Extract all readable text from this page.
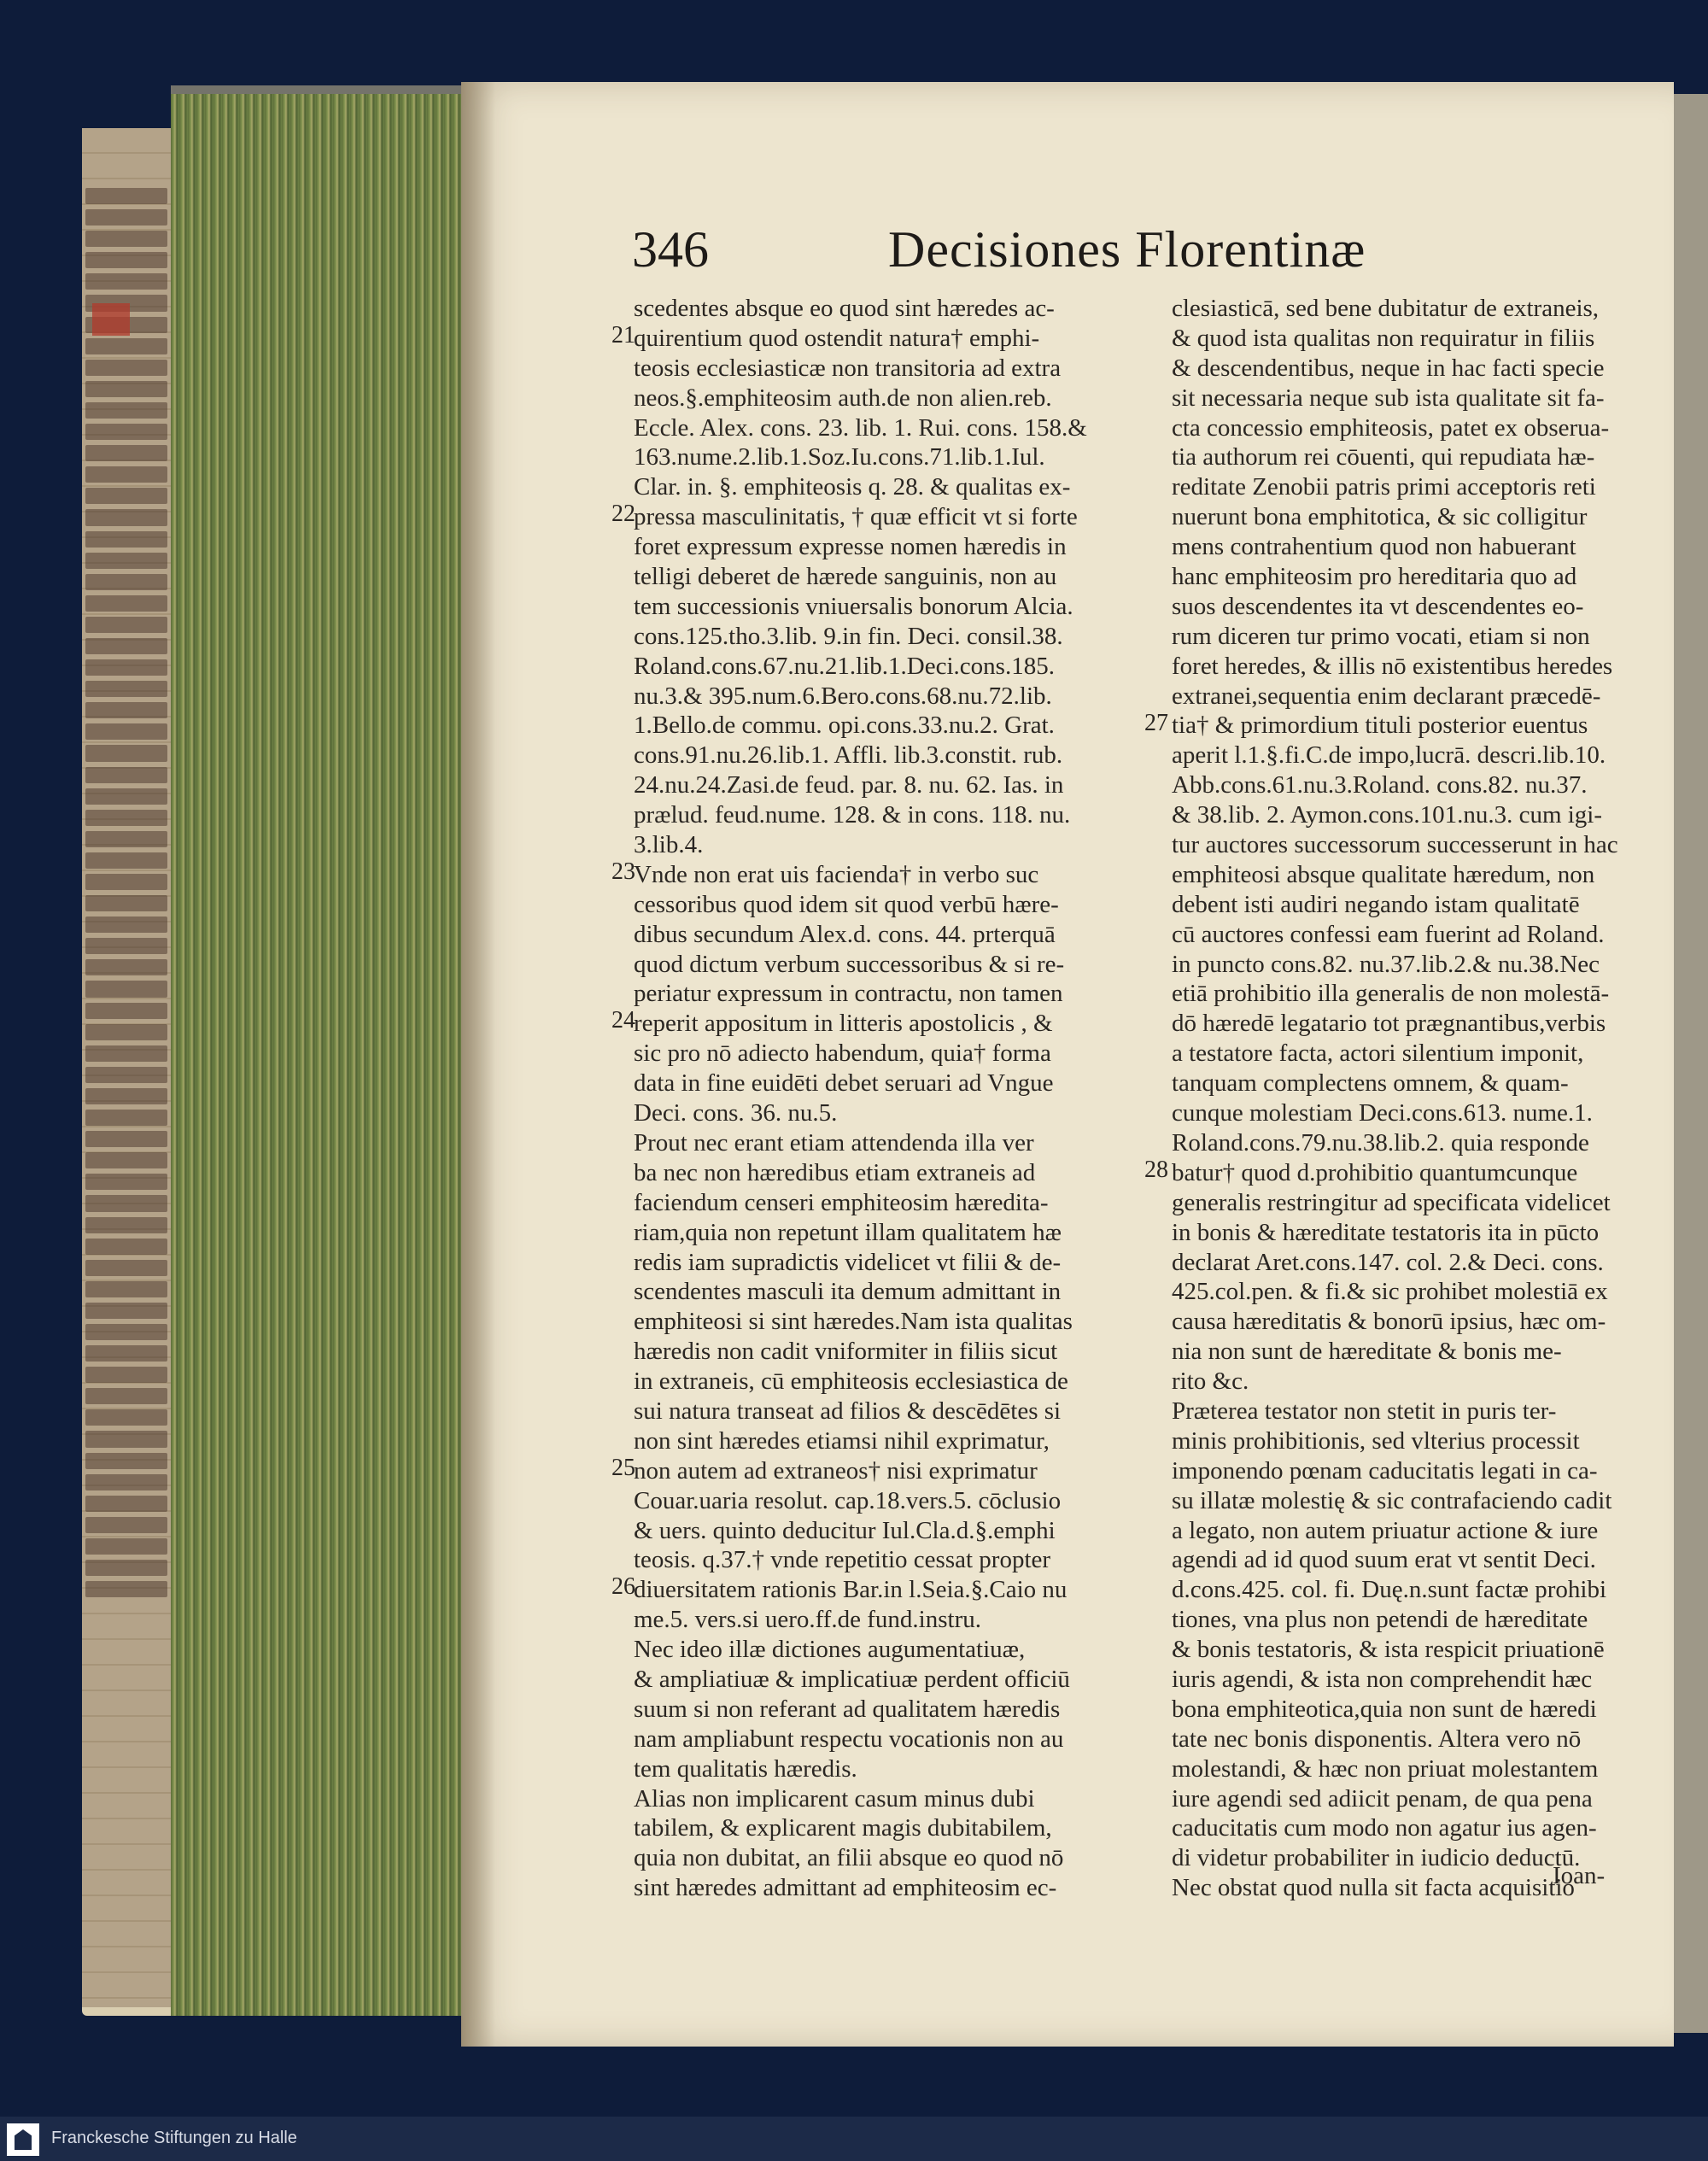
346	Decisiones Florentinæ
scedentes absque eo quod sint hæredes ac-
quirentium quod ostendit natura† emphi-
teosis ecclesiasticæ non transitoria ad extra
neos.§.emphiteosim auth.de non alien.reb.
Eccle. Alex. cons. 23. lib. 1. Rui. cons. 158.&
163.nume.2.lib.1.Soz.Iu.cons.71.lib.1.Iul.
Clar. in. §. emphiteosis q. 28. & qualitas ex-
pressa masculinitatis, † quæ efficit vt si forte
foret expressum expresse nomen hæredis in
telligi deberet de hærede sanguinis, non au
tem successionis vniuersalis bonorum Alcia.
cons.125.tho.3.lib. 9.in fin. Deci. consil.38.
Roland.cons.67.nu.21.lib.1.Deci.cons.185.
nu.3.& 395.num.6.Bero.cons.68.nu.72.lib.
1.Bello.de commu. opi.cons.33.nu.2. Grat.
cons.91.nu.26.lib.1. Affli. lib.3.constit. rub.
24.nu.24.Zasi.de feud. par. 8. nu. 62. Ias. in
prælud. feud.nume. 128. & in cons. 118. nu.
3.lib.4.
Vnde non erat uis facienda† in verbo suc
cessoribus quod idem sit quod verbū hære-
dibus secundum Alex.d. cons. 44. prterquā
quod dictum verbum successoribus & si re-
periatur expressum in contractu, non tamen
reperit appositum in litteris apostolicis , &
sic pro nō adiecto habendum, quia† forma
data in fine euidēti debet seruari ad Vngue
Deci. cons. 36. nu.5.
Prout nec erant etiam attendenda illa ver
ba nec non hæredibus etiam extraneis ad
faciendum censeri emphiteosim hæredita-
riam,quia non repetunt illam qualitatem hæ
redis iam supradictis videlicet vt filii & de-
scendentes masculi ita demum admittant in
emphiteosi si sint hæredes.Nam ista qualitas
hæredis non cadit vniformiter in filiis sicut
in extraneis, cū emphiteosis ecclesiastica de
sui natura transeat ad filios & descēdētes si
non sint hæredes etiamsi nihil exprimatur,
non autem ad extraneos† nisi exprimatur
Couar.uaria resolut. cap.18.vers.5. cōclusio
& uers. quinto deducitur Iul.Cla.d.§.emphi
teosis. q.37.† vnde repetitio cessat propter
diuersitatem rationis Bar.in l.Seia.§.Caio nu
me.5. vers.si uero.ff.de fund.instru.
Nec ideo illæ dictiones augumentatiuæ,
& ampliatiuæ & implicatiuæ perdent officiū
suum si non referant ad qualitatem hæredis
nam ampliabunt respectu vocationis non au
tem qualitatis hæredis.
Alias non implicarent casum minus dubi
tabilem, & explicarent magis dubitabilem,
quia non dubitat, an filii absque eo quod nō
sint hæredes admittant ad emphiteosim ec-
clesiasticā, sed bene dubitatur de extraneis,
& quod ista qualitas non requiratur in filiis
& descendentibus, neque in hac facti specie
sit necessaria neque sub ista qualitate sit fa-
cta concessio emphiteosis, patet ex obserua-
tia authorum rei cōuenti, qui repudiata hæ-
reditate Zenobii patris primi acceptoris reti
nuerunt bona emphitotica, & sic colligitur
mens contrahentium quod non habuerant
hanc emphiteosim pro hereditaria quo ad
suos descendentes ita vt descendentes eo-
rum diceren tur primo vocati, etiam si non
foret heredes, & illis nō existentibus heredes
extranei,sequentia enim declarant præcedē-
tia† & primordium tituli posterior euentus
aperit l.1.§.fi.C.de impo,lucrā. descri.lib.10.
Abb.cons.61.nu.3.Roland. cons.82. nu.37.
& 38.lib. 2. Aymon.cons.101.nu.3. cum igi-
tur auctores successorum successerunt in hac
emphiteosi absque qualitate hæredum, non
debent isti audiri negando istam qualitatē
cū auctores confessi eam fuerint ad Roland.
in puncto cons.82. nu.37.lib.2.& nu.38.Nec
etiā prohibitio illa generalis de non molestā-
dō hæredē legatario tot prægnantibus,verbis
a testatore facta, actori silentium imponit,
tanquam complectens omnem, & quam-
cunque molestiam Deci.cons.613. nume.1.
Roland.cons.79.nu.38.lib.2. quia responde
batur† quod d.prohibitio quantumcunque
generalis restringitur ad specificata videlicet
in bonis & hæreditate testatoris ita in pūcto
declarat Aret.cons.147. col. 2.& Deci. cons.
425.col.pen. & fi.& sic prohibet molestiā ex
causa hæreditatis & bonorū ipsius, hæc om-
nia non sunt de hæreditate & bonis me-
rito &c.
Præterea testator non stetit in puris ter-
minis prohibitionis, sed vlterius processit
imponendo pœnam caducitatis legati in ca-
su illatæ molestię & sic contrafaciendo cadit
a legato, non autem priuatur actione & iure
agendi ad id quod suum erat vt sentit Deci.
d.cons.425. col. fi. Duę.n.sunt factæ prohibi
tiones, vna plus non petendi de hæreditate
& bonis testatoris, & ista respicit priuationē
iuris agendi, & ista non comprehendit hæc
bona emphiteotica,quia non sunt de hæredi
tate nec bonis disponentis. Altera vero nō
molestandi, & hæc non priuat molestantem
iure agendi sed adiicit penam, de qua pena
caducitatis cum modo non agatur ius agen-
di videtur probabiliter in iudicio deductū.
Nec obstat quod nulla sit facta acquisitio
21
22
23
24
25
26
27
28
Ioan-
Franckesche Stiftungen zu Halle
